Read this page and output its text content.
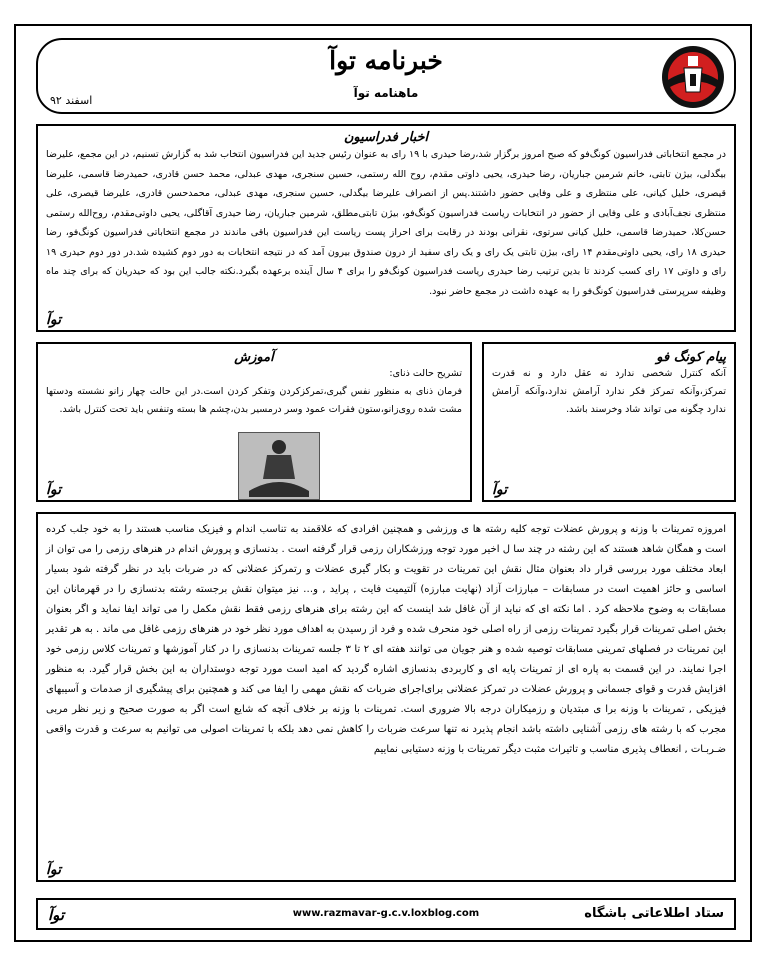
خبرنامه توآ
ماهنامه توآ
اسفند ۹۲
اخبار فدراسیون
در مجمع انتخاباتی فدراسیون کونگ‌فو که صبح امروز برگزار شد،رضا حیدری با ۱۹ رای به عنوان رئیس جدید این فدراسیون انتخاب شد به گزارش تسنیم، در این مجمع، علیرضا بیگدلی، بیژن تابتی، خانم شرمین جباریان، رضا حیدری، یحیی داوتی مقدم، روح الله رستمی، حسین سنجری، مهدی عبدلی، محمد حسن قادری، حمیدرضا قاسمی، علیرضا قیصری، خلیل کیانی، علی منتظری و علی وفایی حضور داشتند.پس از انصراف علیرضا بیگدلی، حسین سنجری، مهدی عبدلی، محمدحسن قادری، علیرضا قیصری، علی منتظری نجف‌آبادی و علی وفایی از حضور در انتخابات ریاست فدراسیون کونگ‌فو، بیژن تابتی‌مطلق، شرمین جباریان، رضا حیدری آقاگلی، یحیی داوتی‌مقدم، روح‌الله رستمی حسن‌کلا، حمیدرضا قاسمی، خلیل کیانی سرتوی، نقرانی بودند در رقابت برای احراز پست ریاست این فدراسیون باقی ماندند در مجمع انتخاباتی فدراسیون کونگ‌فو، رضا حیدری ۱۸ رای، یحیی داوتی‌مقدم ۱۴ رای، بیژن تابتی یک رای و یک رای سفید از درون صندوق بیرون آمد که در نتیجه انتخابات به دور دوم کشیده شد.در دور دوم حیدری ۱۹ رای و داوتی ۱۷ رای کسب کردند تا بدین ترتیب رضا حیدری ریاست فدراسیون کونگ‌فو را برای ۴ سال آینده برعهده بگیرد.نکته جالب این بود که حیدریان که برای چند ماه وظیفه سرپرستی فدراسیون کونگ‌فو را به عهده داشت در مجمع حاضر نبود.
توآ
آموزش
تشریح حالت ذنای:
فرمان ذنای به منظور نفس گیری،تمرکزکردن وتفکر کردن است.در این حالت چهار زانو نشسته ودستها مشت شده روی‌زانو،ستون فقرات عمود وسر درمسیر بدن،چشم ها بسته وتنفس باید تحت کنترل باشد.
توآ
پیام کونگ فو
آنکه کنترل شخصی ندارد نه عقل دارد و نه قدرت تمرکز،وآنکه تمرکز فکر ندارد آرامش ندارد،وآنکه آرامش ندارد چگونه می تواند شاد وخرسند باشد.
توآ
امروزه تمرینات با وزنه و پرورش عضلات توجه کلیه رشته ها ی ورزشی و همچنین افرادی که علاقمند به تناسب اندام و فیزیک مناسب هستند را به خود جلب کرده است و همگان شاهد هستند که این رشته در چند سا ل اخیر مورد توجه ورزشکاران رزمی قرار گرفته است . بدنسازی و پرورش اندام در هنرهای رزمی را می توان از ابعاد مختلف مورد بررسی قرار داد بعنوان مثال نقش این تمرینات در تقویت و بکار گیری عضلات و رتمرکز عضلانی که در ضربات باید در نظر گرفته شود بسیار اساسی و حائز اهمیت است در مسابقات – مبارزات آزاد (نهایت مبارزه) آلتیمیت فایت , پراید , و… نیز میتوان نقش برجسته رشته بدنسازی را در قهرمانان این مسابقات به وضوح ملاحظه کرد . اما نکته ای که نباید از آن غافل شد اینست که این رشته برای هنرهای رزمی فقط نقش مکمل را می تواند ایفا نماید و اگر بعنوان بخش اصلی تمرینات قرار بگیرد تمرینات رزمی از راه اصلی خود منحرف شده و فرد از رسیدن به اهداف مورد نظر خود در هنرهای رزمی غافل می ماند . به هر تقدیر این تمرینات در فصلهای تمرینی مسابقات توصیه شده و هنر جویان می توانند هفته ای ۲ تا ۳ جلسه تمرینات بدنسازی را در کنار آموزشها و تمرینات کلاس رزمی خود اجرا نمایند. در این قسمت به پاره ای از تمرینات پایه ای و کاربردی بدنسازی اشاره گردید که امید است مورد توجه دوستداران به این بخش قرار گیرد. به منظور افزایش قدرت و قوای جسمانی و پرورش عضلات در تمرکز عضلانی برای‌اجرای ضربات که نقش مهمی را ایفا می کند و همچنین برای پیشگیری از صدمات و آسیبهای فیزیکی , تمرینات با وزنه برا ی مبتدیان و رزمیکاران درجه بالا ضروری است. تمرینات با وزنه بر خلاف آنچه که شایع است اگر به صورت صحیح و زیر نظر مربی مجرب که با رشته های رزمی آشنایی داشته باشد انجام پذیرد نه تنها سرعت ضربات را کاهش نمی دهد بلکه با تمرینات اصولی می توانیم به سرعت و قدرت واقعی ضـربـات , انعطاف پذیری مناسب و تاثیرات مثبت دیگر تمرینات با وزنه دستیابی نماییم
توآ
توآ	www.razmavar-g.c.v.loxblog.com	ستاد اطلاعاتی باشگاه
